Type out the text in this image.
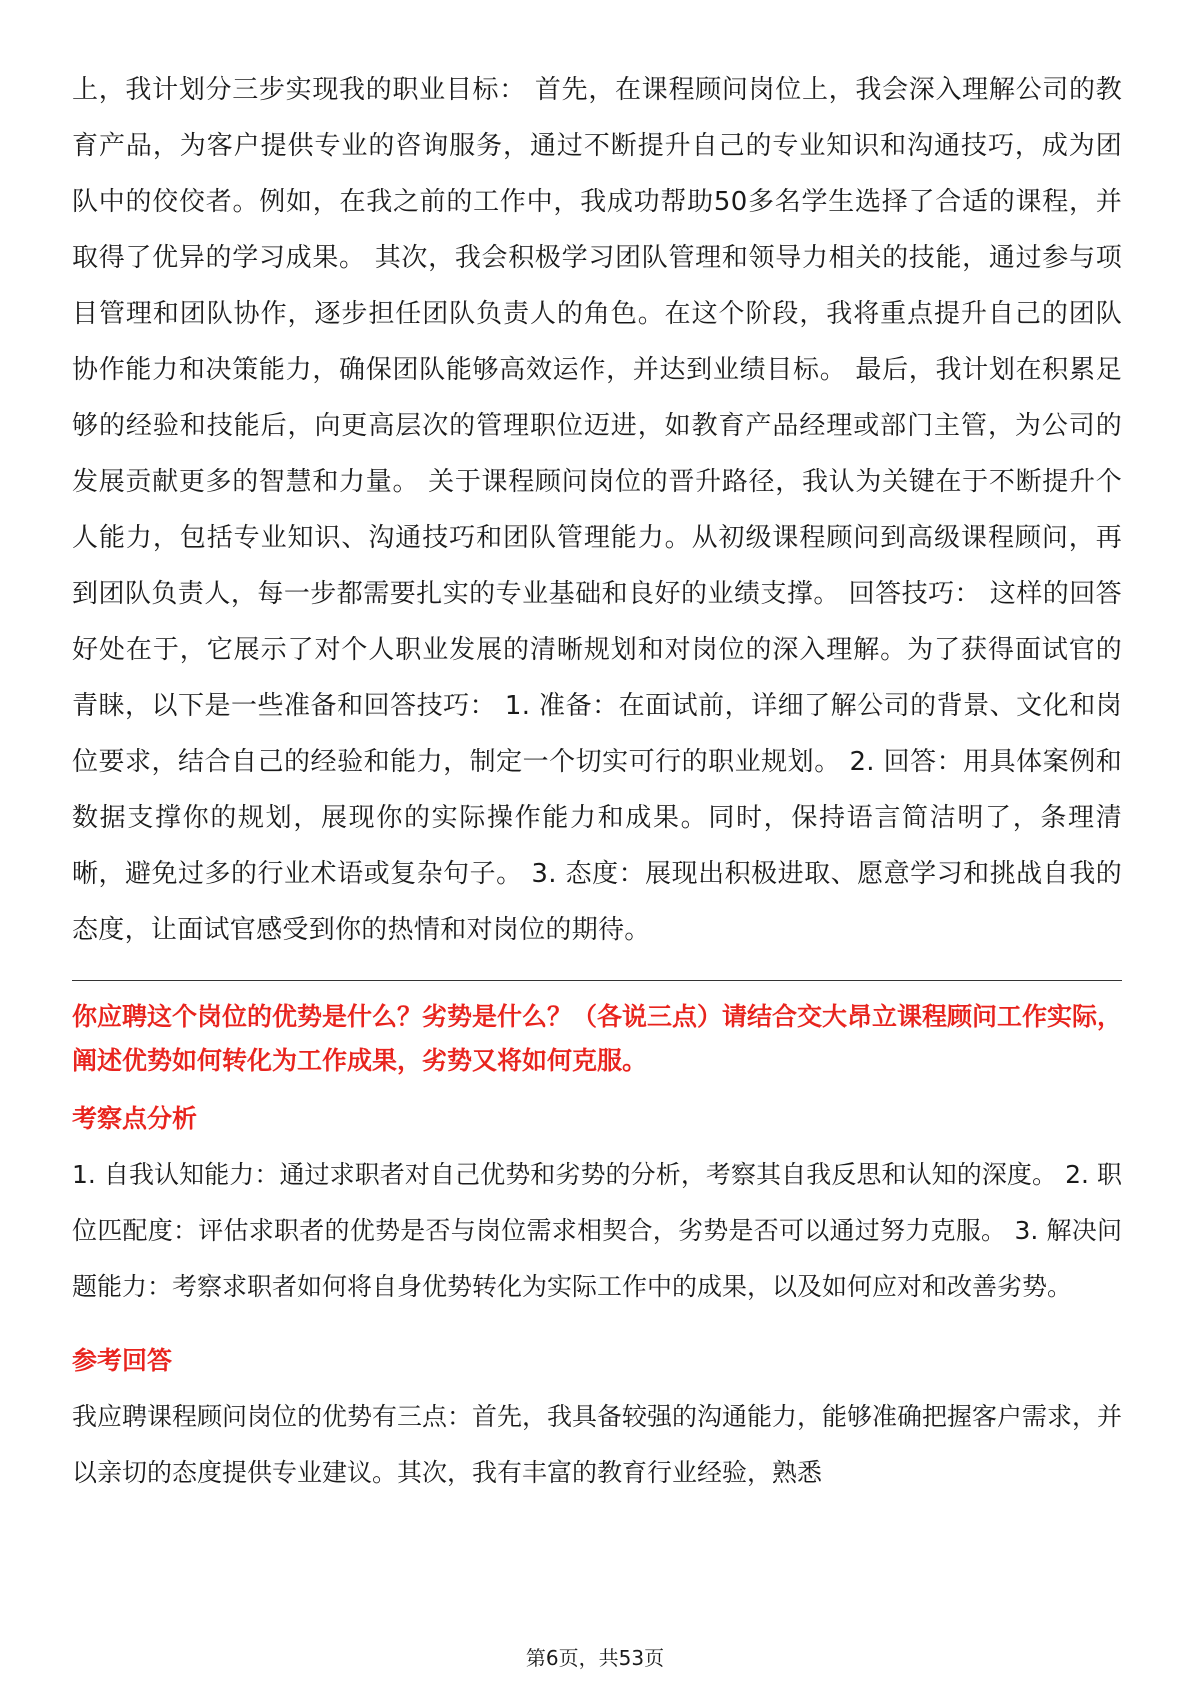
上，我计划分三步实现我的职业目标： 首先，在课程顾问岗位上，我会深入理解公司的教育产品，为客户提供专业的咨询服务，通过不断提升自己的专业知识和沟通技巧，成为团队中的佼佼者。例如，在我之前的工作中，我成功帮助50多名学生选择了合适的课程，并取得了优异的学习成果。 其次，我会积极学习团队管理和领导力相关的技能，通过参与项目管理和团队协作，逐步担任团队负责人的角色。在这个阶段，我将重点提升自己的团队协作能力和决策能力，确保团队能够高效运作，并达到业绩目标。 最后，我计划在积累足够的经验和技能后，向更高层次的管理职位迈进，如教育产品经理或部门主管，为公司的发展贡献更多的智慧和力量。 关于课程顾问岗位的晋升路径，我认为关键在于不断提升个人能力，包括专业知识、沟通技巧和团队管理能力。从初级课程顾问到高级课程顾问，再到团队负责人，每一步都需要扎实的专业基础和良好的业绩支撑。 回答技巧： 这样的回答好处在于，它展示了对个人职业发展的清晰规划和对岗位的深入理解。为了获得面试官的青睐，以下是一些准备和回答技巧： 1. 准备：在面试前，详细了解公司的背景、文化和岗位要求，结合自己的经验和能力，制定一个切实可行的职业规划。 2. 回答：用具体案例和数据支撑你的规划，展现你的实际操作能力和成果。同时，保持语言简洁明了，条理清晰，避免过多的行业术语或复杂句子。 3. 态度：展现出积极进取、愿意学习和挑战自我的态度，让面试官感受到你的热情和对岗位的期待。

你应聘这个岗位的优势是什么？劣势是什么？（各说三点）请结合交大昂立课程顾问工作实际，阐述优势如何转化为工作成果，劣势又将如何克服。

考察点分析

1. 自我认知能力：通过求职者对自己优势和劣势的分析，考察其自我反思和认知的深度。 2. 职位匹配度：评估求职者的优势是否与岗位需求相契合，劣势是否可以通过努力克服。 3. 解决问题能力：考察求职者如何将自身优势转化为实际工作中的成果，以及如何应对和改善劣势。

参考回答

我应聘课程顾问岗位的优势有三点：首先，我具备较强的沟通能力，能够准确把握客户需求，并以亲切的态度提供专业建议。其次，我有丰富的教育行业经验，熟悉

第6页，共53页
